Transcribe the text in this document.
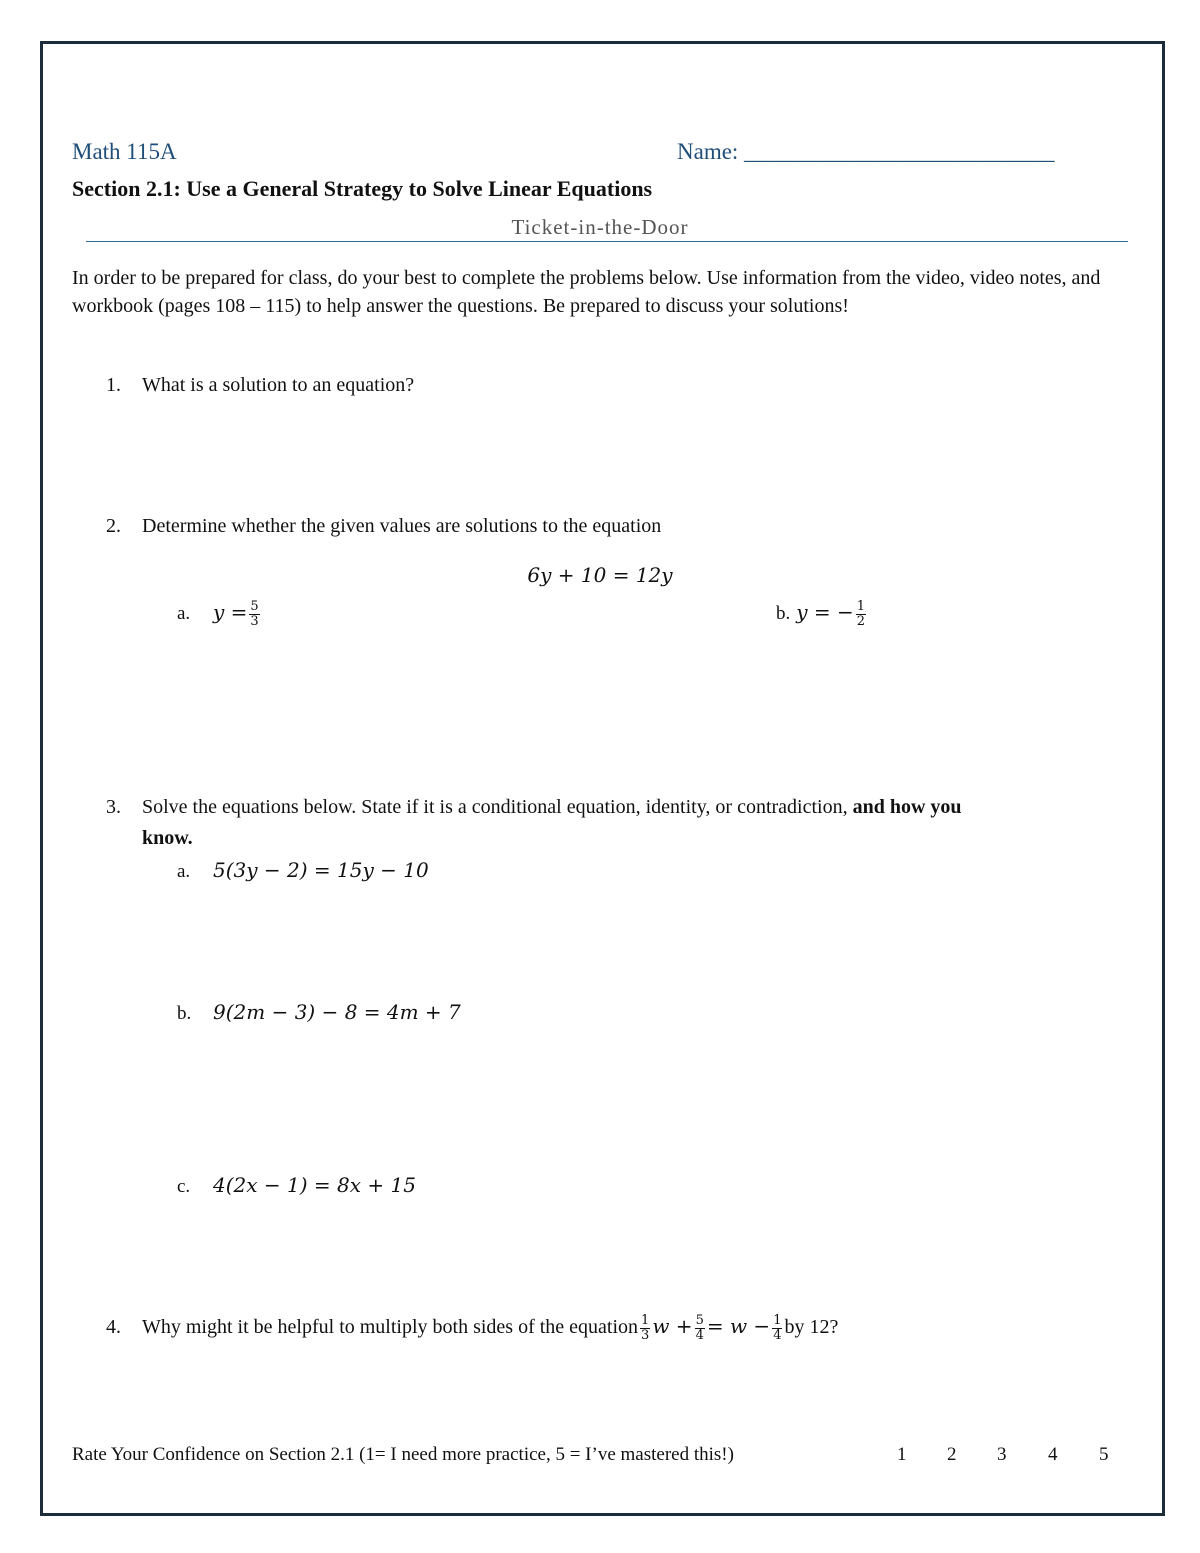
Math 115A	Name: ___________________________
Section 2.1: Use a General Strategy to Solve Linear Equations
Ticket-in-the-Door
In order to be prepared for class, do your best to complete the problems below. Use information from the video, video notes, and workbook (pages 108 – 115) to help answer the questions. Be prepared to discuss your solutions!
1. What is a solution to an equation?
2. Determine whether the given values are solutions to the equation
6y + 10 = 12y
a. $y = \frac{5}{3}$	b. y = − $\frac{1}{2}$
3. Solve the equations below. State if it is a conditional equation, identity, or contradiction, and how you
know.
a. 5(3y − 2) = 15y − 10
b. 9(2m − 3) − 8 = 4m + 7
c. 4(2x − 1) = 8x + 15
4. Why might it be helpful to multiply both sides of the equation $\frac{1}{3}$ $w + \frac{5}{4} = w - \frac{1}{4}$ by 12?
Rate Your Confidence on Section 2.1 (1= I need more practice, 5 = I’ve mastered this!)	1 2 3 4 5
